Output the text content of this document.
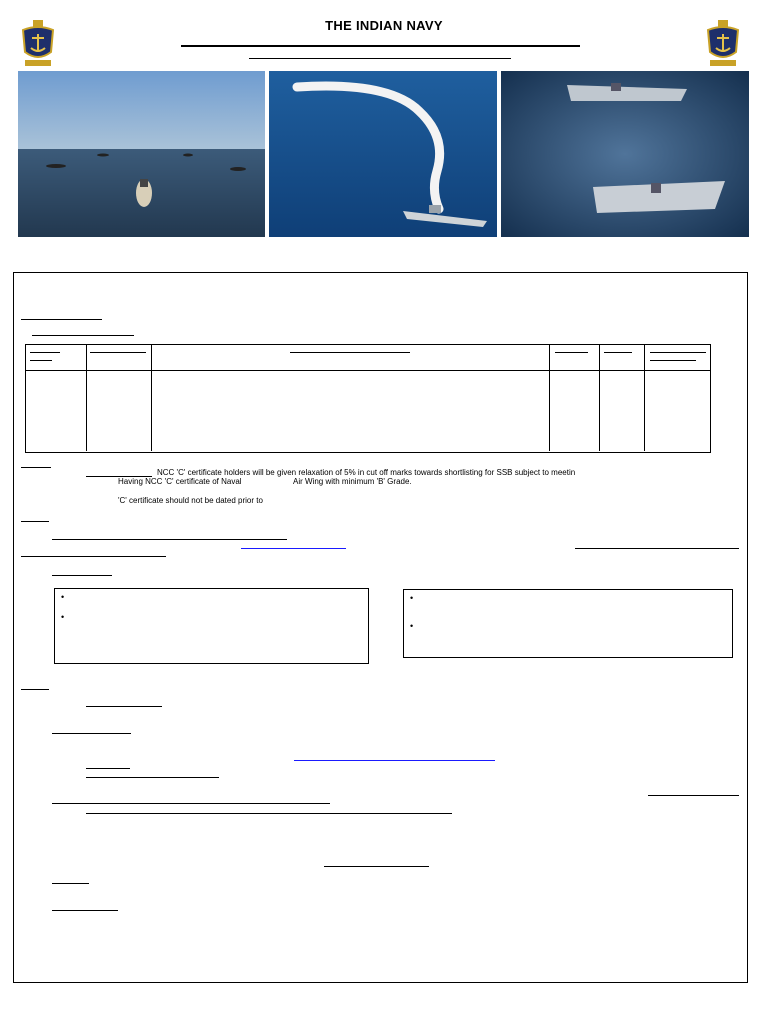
THE INDIAN NAVY
NCC 'C' certificate holders will be given relaxation of 5% in cut off marks towards shortlisting for SSB subject to meetin
Having NCC 'C' certificate of Naval	Air Wing with minimum 'B' Grade.
'C' certificate should not be dated prior to
•
•
•
•
